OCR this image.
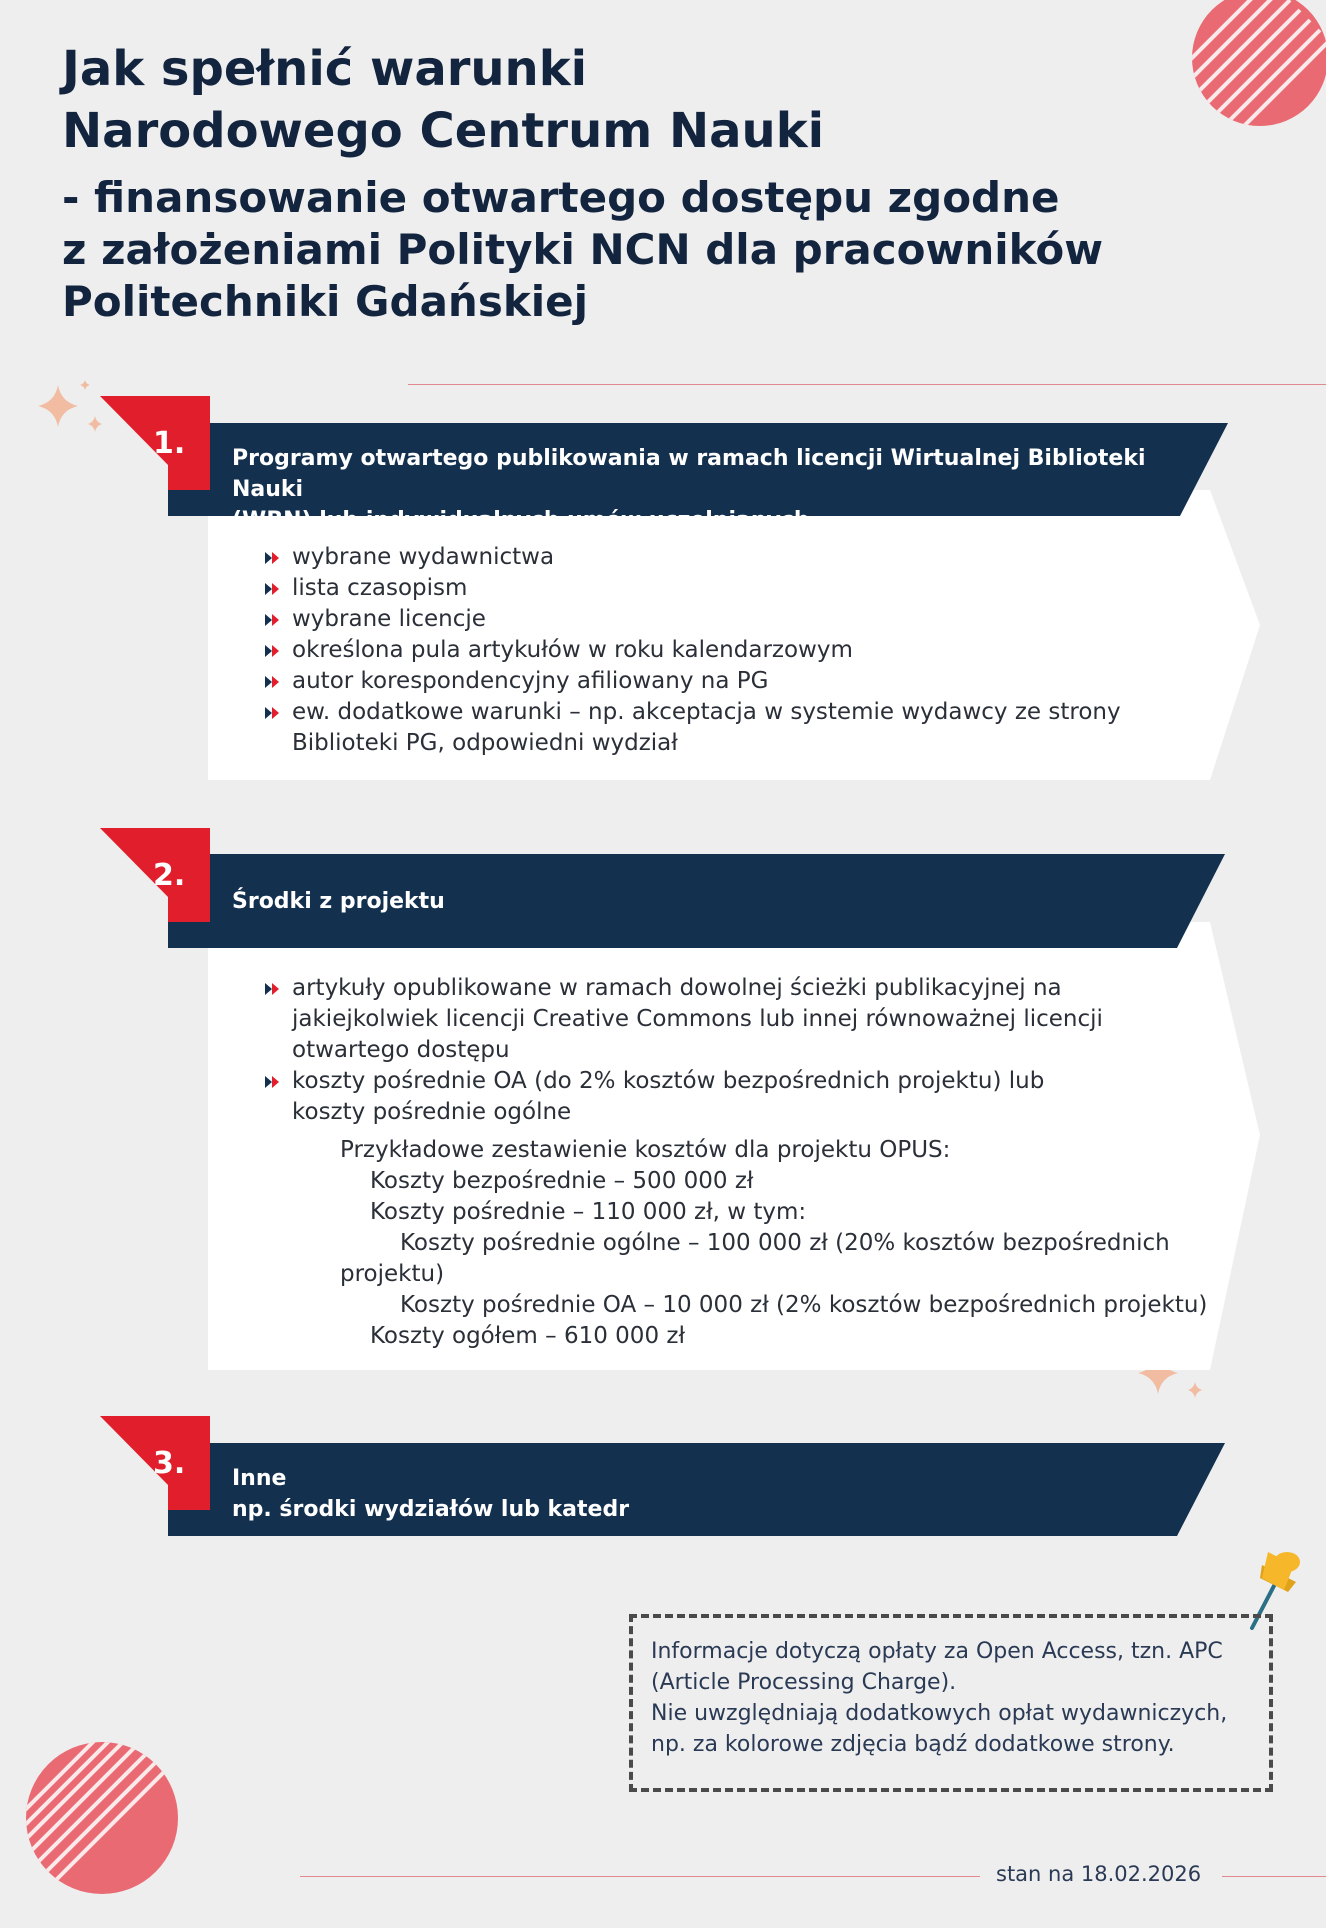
Jak spełnić warunki
Narodowego Centrum Nauki
- finansowanie otwartego dostępu zgodne
z założeniami Polityki NCN dla pracowników
Politechniki Gdańskiej
1. Programy otwartego publikowania w ramach licencji Wirtualnej Biblioteki Nauki
(WBN) lub indywidualnych umów uczelnianych
wybrane wydawnictwa
lista czasopism
wybrane licencje
określona pula artykułów w roku kalendarzowym
autor korespondencyjny afiliowany na PG
ew. dodatkowe warunki – np. akceptacja w systemie wydawcy ze strony Biblioteki PG, odpowiedni wydział
2.
Środki z projektu
artykuły opublikowane w ramach dowolnej ścieżki publikacyjnej na jakiejkolwiek licencji Creative Commons lub innej równoważnej licencji otwartego dostępu
koszty pośrednie OA (do 2% kosztów bezpośrednich projektu) lub koszty pośrednie ogólne
Przykładowe zestawienie kosztów dla projektu OPUS:
Koszty bezpośrednie – 500 000 zł
Koszty pośrednie – 110 000 zł, w tym:
Koszty pośrednie ogólne – 100 000 zł (20% kosztów bezpośrednich projektu)
Koszty pośrednie OA – 10 000 zł (2% kosztów bezpośrednich projektu)
Koszty ogółem – 610 000 zł
3. Inne
np. środki wydziałów lub katedr
Informacje dotyczą opłaty za Open Access, tzn. APC (Article Processing Charge).
Nie uwzględniają dodatkowych opłat wydawniczych, np. za kolorowe zdjęcia bądź dodatkowe strony.
stan na 18.02.2026
